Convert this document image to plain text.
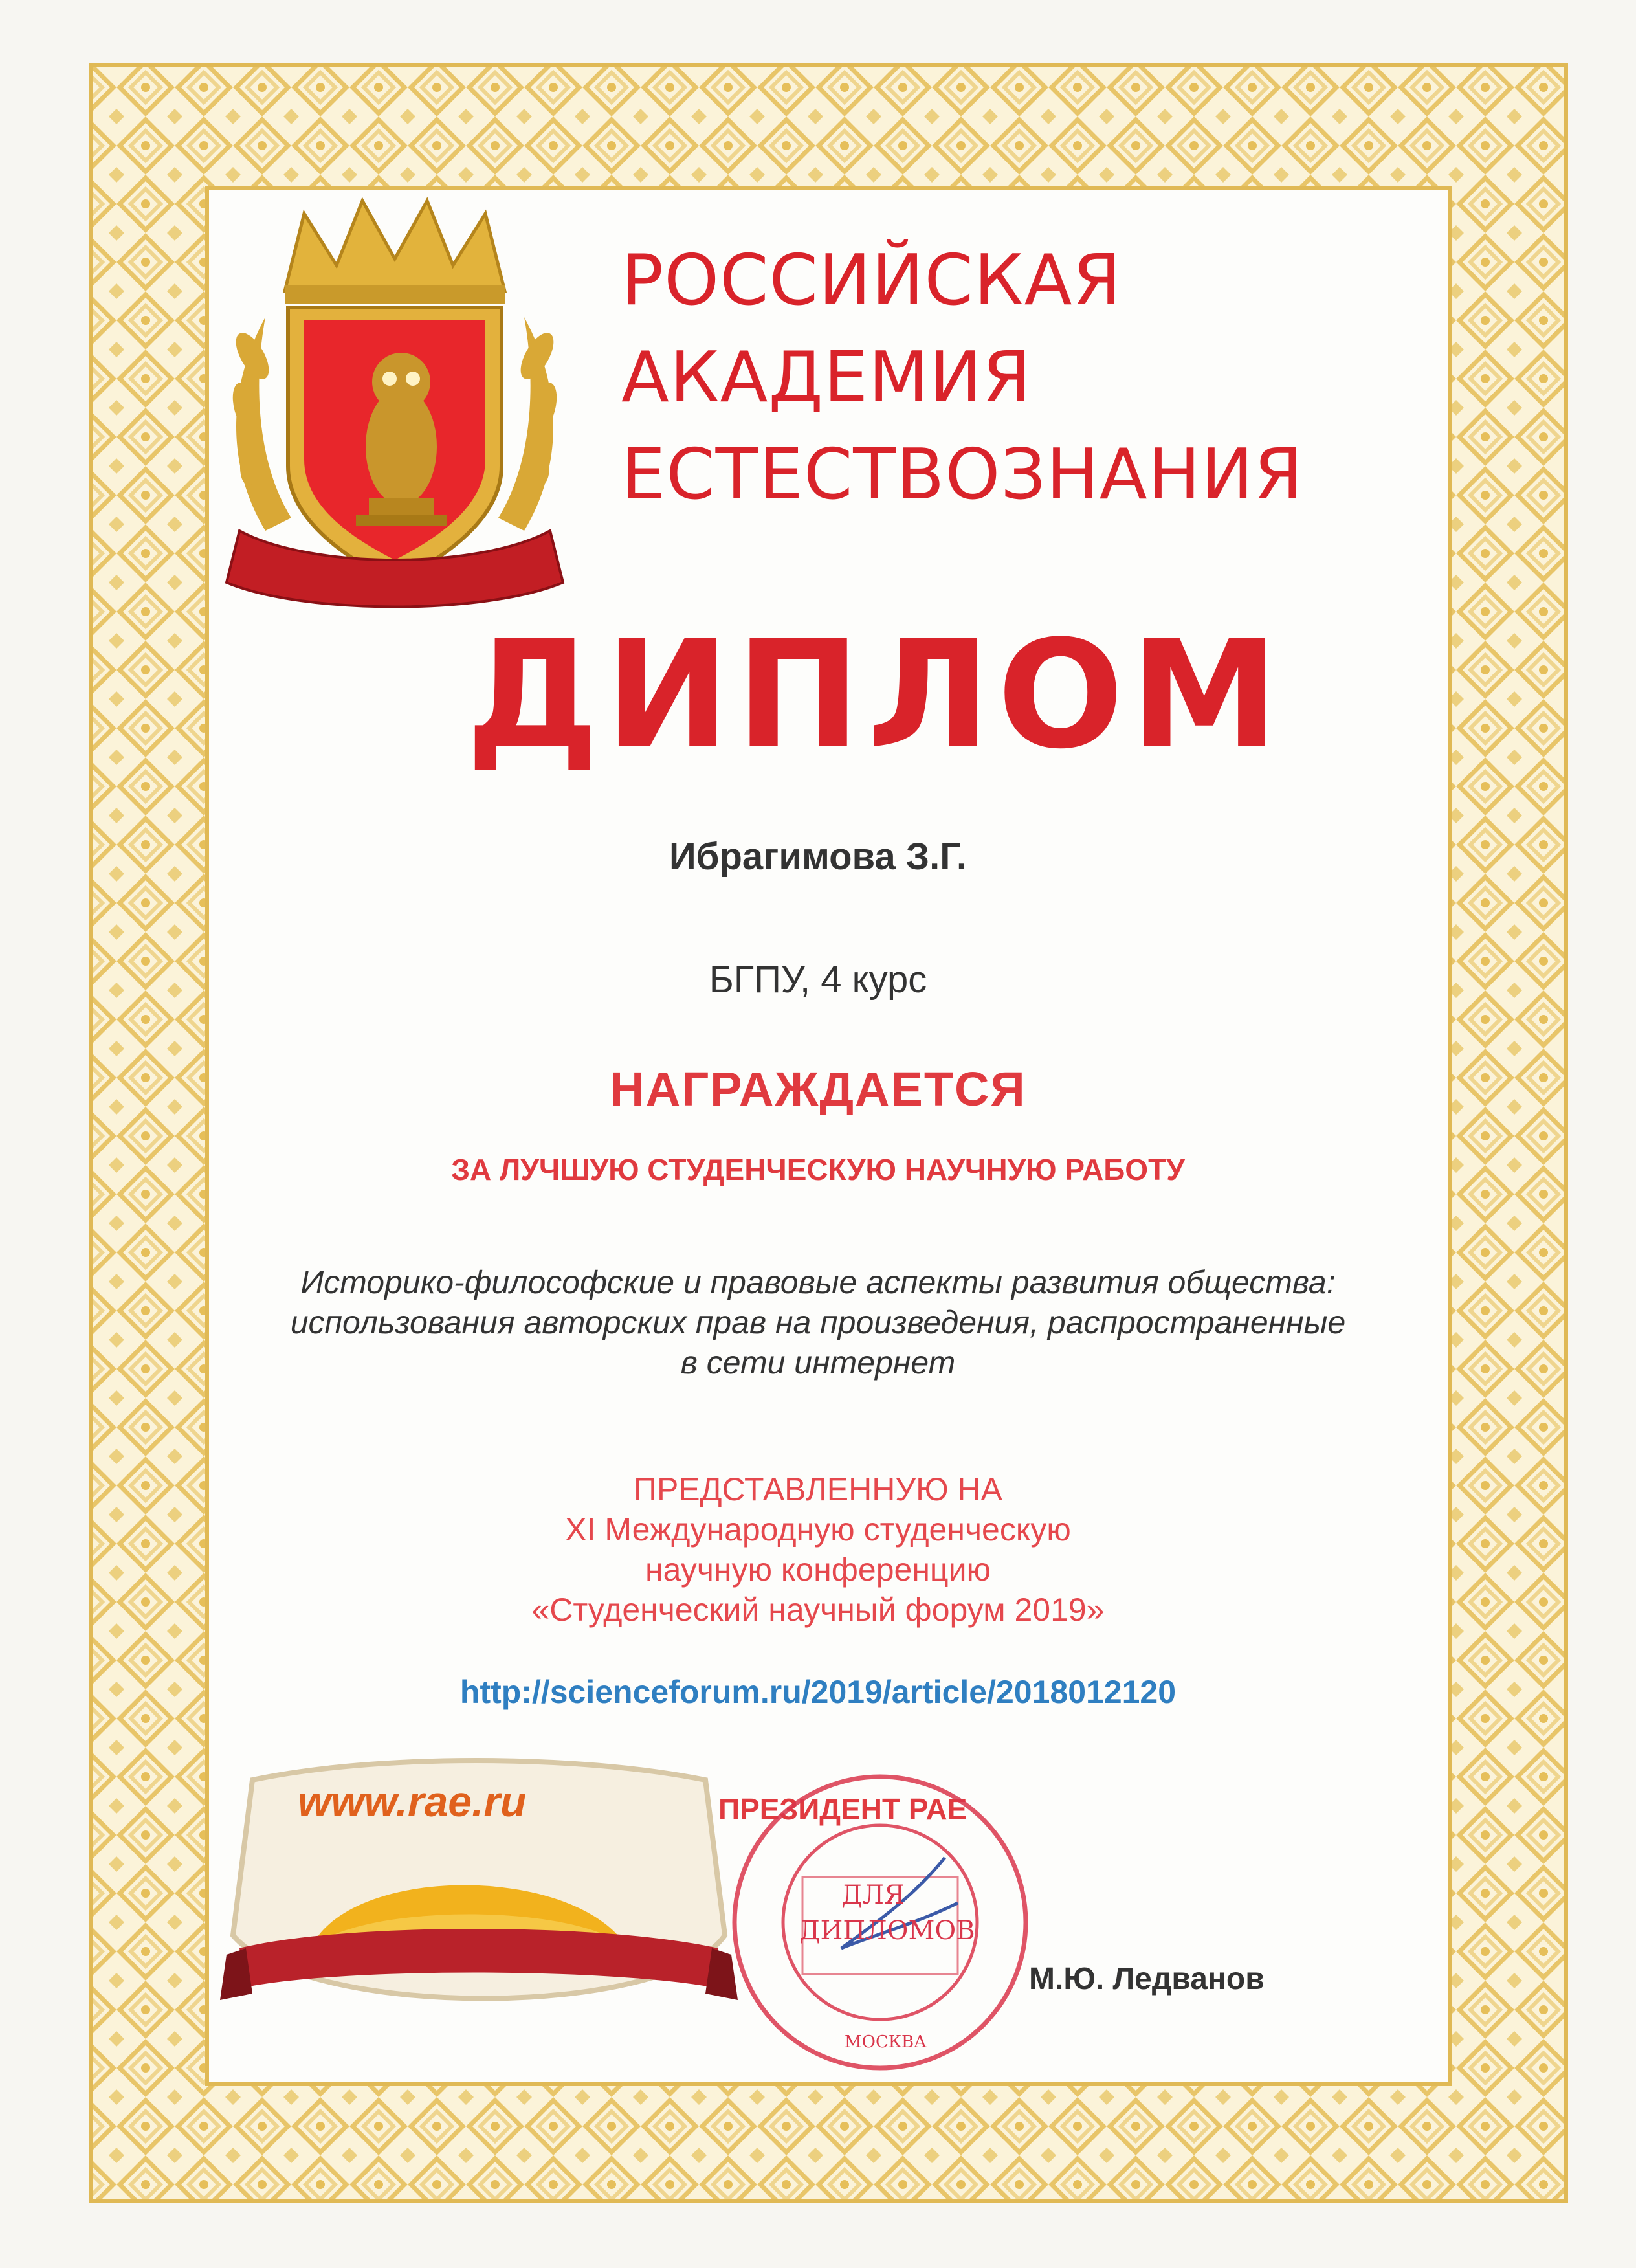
РОССИЙСКАЯ
АКАДЕМИЯ
ЕСТЕСТВОЗНАНИЯ
ДИПЛОМ
Ибрагимова З.Г.
БГПУ, 4 курс
НАГРАЖДАЕТСЯ
ЗА ЛУЧШУЮ СТУДЕНЧЕСКУЮ НАУЧНУЮ РАБОТУ
Историко-философские и правовые аспекты развития общества:
использования авторских прав на произведения, распространенные
в сети интернет
ПРЕДСТАВЛЕННУЮ НА
XI Международную студенческую
научную конференцию
«Студенческий научный форум 2019»
http://scienceforum.ru/2019/article/2018012120
www.rae.ru	ПРЕЗИДЕНТ РАЕ
ДЛЯ
ДИПЛОМОВ
МОСКВА
М.Ю. Ледванов
